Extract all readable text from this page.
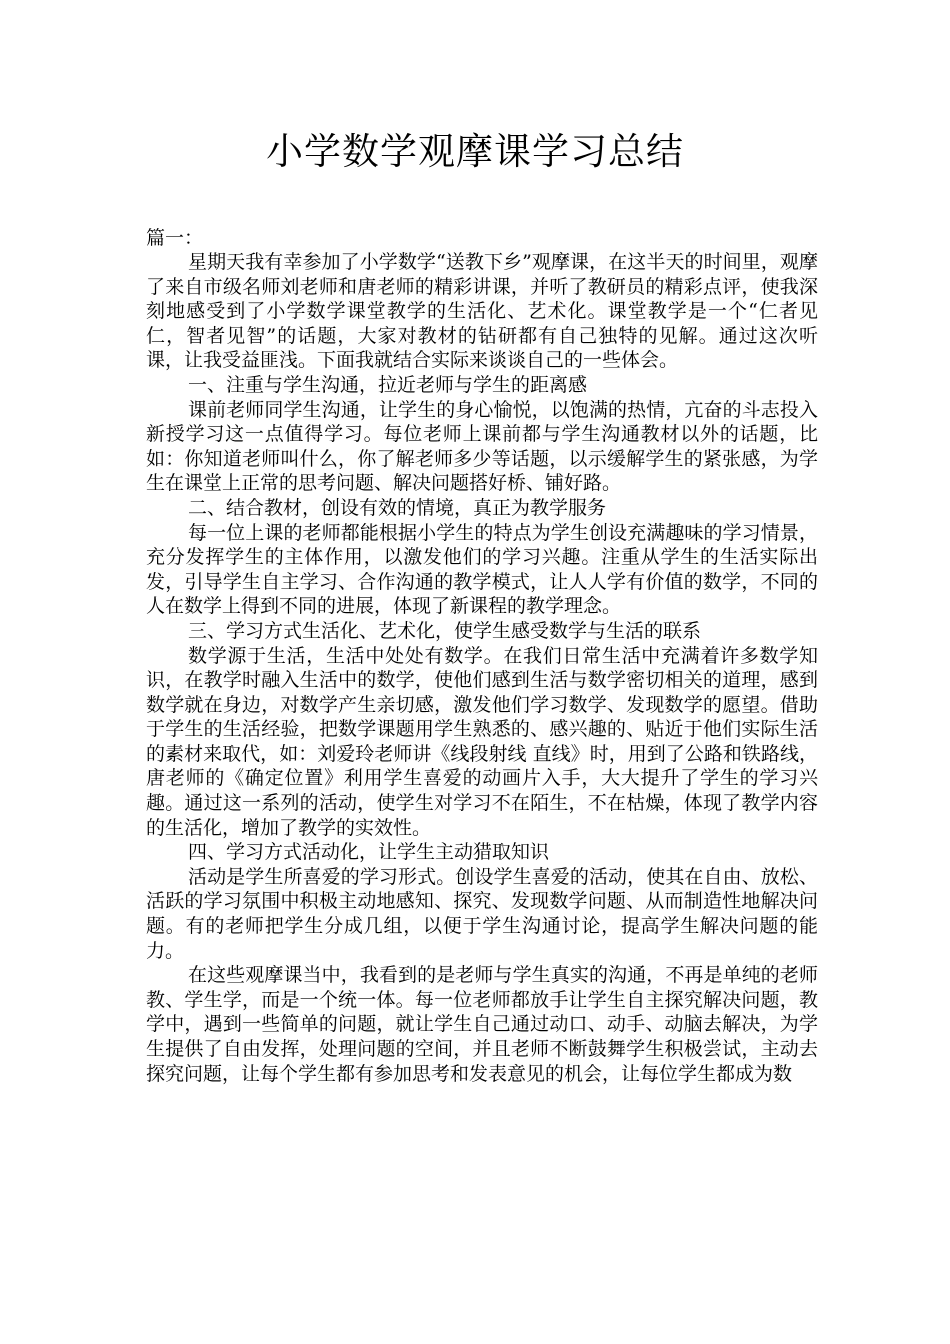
小学数学观摩课学习总结

篇一：

星期天我有幸参加了小学数学“送教下乡”观摩课，在这半天的时间里，观摩了来自市级名师刘老师和唐老师的精彩讲课，并听了教研员的精彩点评，使我深刻地感受到了小学数学课堂教学的生活化、艺术化。课堂教学是一个“仁者见仁，智者见智”的话题，大家对教材的钻研都有自己独特的见解。通过这次听课，让我受益匪浅。下面我就结合实际来谈谈自己的一些体会。

一、注重与学生沟通，拉近老师与学生的距离感

课前老师同学生沟通，让学生的身心愉悦，以饱满的热情，亢奋的斗志投入新授学习这一点值得学习。每位老师上课前都与学生沟通教材以外的话题，比如：你知道老师叫什么，你了解老师多少等话题，以示缓解学生的紧张感，为学生在课堂上正常的思考问题、解决问题搭好桥、铺好路。

二、结合教材，创设有效的情境，真正为教学服务

每一位上课的老师都能根据小学生的特点为学生创设充满趣味的学习情景，充分发挥学生的主体作用，以激发他们的学习兴趣。注重从学生的生活实际出发，引导学生自主学习、合作沟通的教学模式，让人人学有价值的数学，不同的人在数学上得到不同的进展，体现了新课程的教学理念。

三、学习方式生活化、艺术化，使学生感受数学与生活的联系

数学源于生活，生活中处处有数学。在我们日常生活中充满着许多数学知识，在教学时融入生活中的数学，使他们感到生活与数学密切相关的道理，感到数学就在身边，对数学产生亲切感，激发他们学习数学、发现数学的愿望。借助于学生的生活经验，把数学课题用学生熟悉的、感兴趣的、贴近于他们实际生活的素材来取代，如：刘爱玲老师讲《线段射线 直线》时，用到了公路和铁路线，唐老师的《确定位置》利用学生喜爱的动画片入手，大大提升了学生的学习兴趣。通过这一系列的活动，使学生对学习不在陌生，不在枯燥，体现了教学内容的生活化，增加了教学的实效性。

四、学习方式活动化，让学生主动猎取知识

活动是学生所喜爱的学习形式。创设学生喜爱的活动，使其在自由、放松、活跃的学习氛围中积极主动地感知、探究、发现数学问题、从而制造性地解决问题。有的老师把学生分成几组，以便于学生沟通讨论，提高学生解决问题的能力。

在这些观摩课当中，我看到的是老师与学生真实的沟通，不再是单纯的老师教、学生学，而是一个统一体。每一位老师都放手让学生自主探究解决问题，教学中，遇到一些简单的问题，就让学生自己通过动口、动手、动脑去解决，为学生提供了自由发挥，处理问题的空间，并且老师不断鼓舞学生积极尝试，主动去探究问题，让每个学生都有参加思考和发表意见的机会，让每位学生都成为数
